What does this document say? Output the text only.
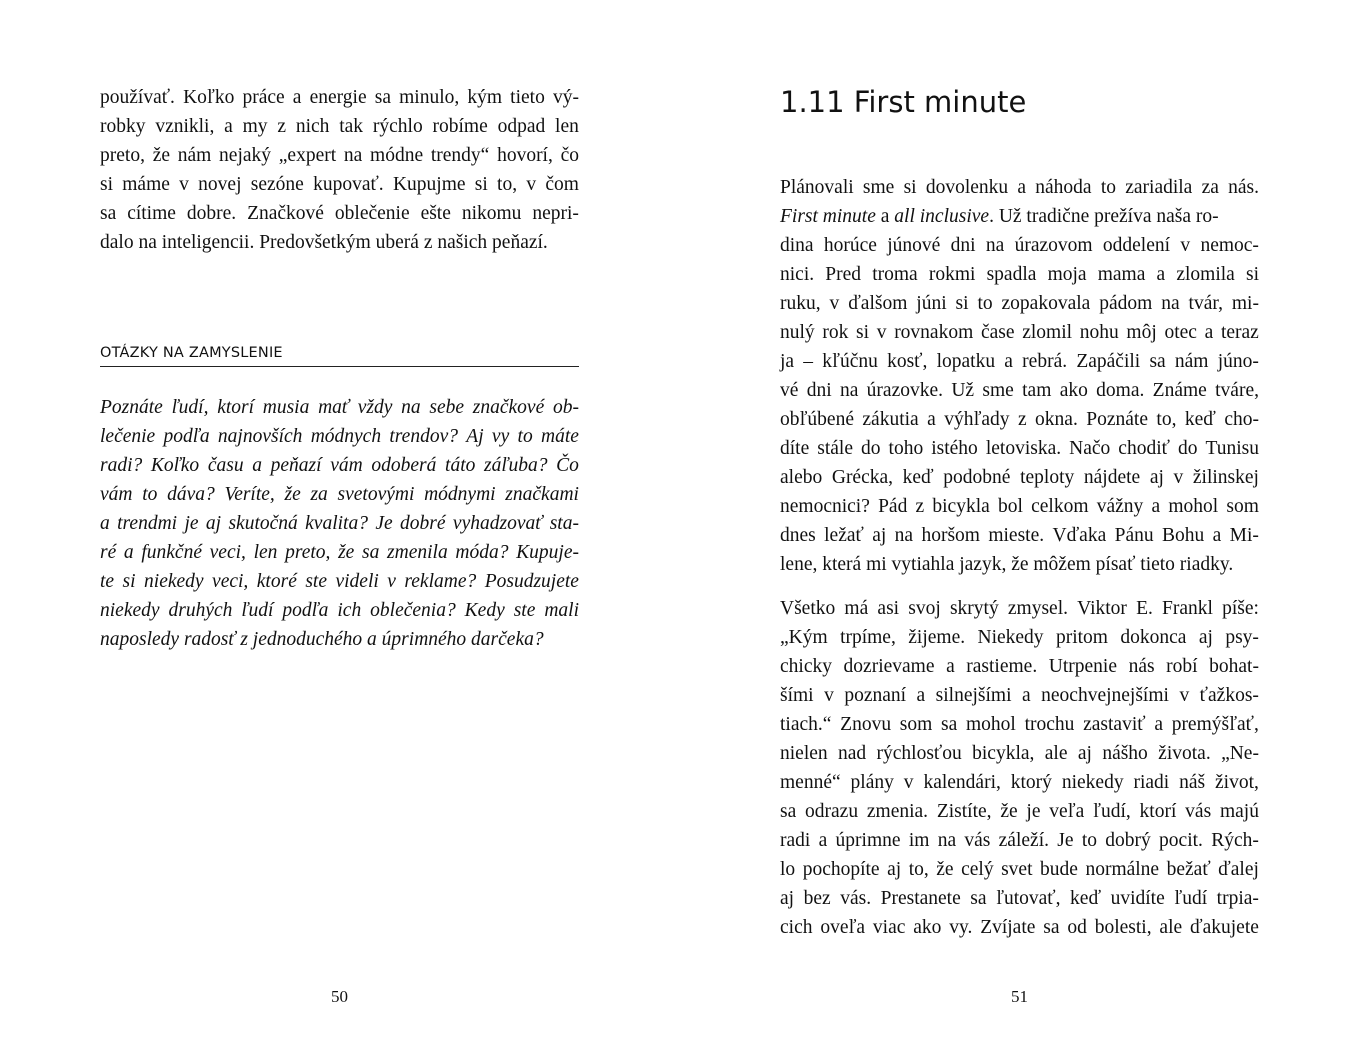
používať. Koľko práce a energie sa minulo, kým tieto vý-
robky vznikli, a my z nich tak rýchlo robíme odpad len
preto, že nám nejaký „expert na módne trendy“ hovorí, čo
si máme v novej sezóne kupovať. Kupujme si to, v čom
sa cítime dobre. Značkové oblečenie ešte nikomu nepri-
dalo na inteligencii. Predovšetkým uberá z našich peňazí.
OTÁZKY NA ZAMYSLENIE
Poznáte ľudí, ktorí musia mať vždy na sebe značkové ob-
lečenie podľa najnovších módnych trendov? Aj vy to máte
radi? Koľko času a peňazí vám odoberá táto záľuba? Čo
vám to dáva? Veríte, že za svetovými módnymi značkami
a trendmi je aj skutočná kvalita? Je dobré vyhadzovať sta-
ré a funkčné veci, len preto, že sa zmenila móda? Kupuje-
te si niekedy veci, ktoré ste videli v reklame? Posudzujete
niekedy druhých ľudí podľa ich oblečenia? Kedy ste mali
naposledy radosť z jednoduchého a úprimného darčeka?
50
1.11 First minute
Plánovali sme si dovolenku a náhoda to zariadila za nás.
First minute a all inclusive . Už tradične prežíva naša ro-
dina horúce júnové dni na úrazovom oddelení v nemoc-
nici. Pred troma rokmi spadla moja mama a zlomila si
ruku, v ďalšom júni si to zopakovala pádom na tvár, mi-
nulý rok si v rovnakom čase zlomil nohu môj otec a teraz
ja – kľúčnu kosť, lopatku a rebrá. Zapáčili sa nám júno-
vé dni na úrazovke. Už sme tam ako doma. Známe tváre,
obľúbené zákutia a výhľady z okna. Poznáte to, keď cho-
díte stále do toho istého letoviska. Načo chodiť do Tunisu
alebo Grécka, keď podobné teploty nájdete aj v žilinskej
nemocnici? Pád z bicykla bol celkom vážny a mohol som
dnes ležať aj na horšom mieste. Vďaka Pánu Bohu a Mi-
lene, která mi vytiahla jazyk, že môžem písať tieto riadky.
Všetko má asi svoj skrytý zmysel. Viktor E. Frankl píše:
„Kým trpíme, žijeme. Niekedy pritom dokonca aj psy-
chicky dozrievame a rastieme. Utrpenie nás robí bohat-
šími v poznaní a silnejšími a neochvejnejšími v ťažkos-
tiach.“ Znovu som sa mohol trochu zastaviť a premýšľať,
nielen nad rýchlosťou bicykla, ale aj nášho života. „Ne-
menné“ plány v kalendári, ktorý niekedy riadi náš život,
sa odrazu zmenia. Zistíte, že je veľa ľudí, ktorí vás majú
radi a úprimne im na vás záleží. Je to dobrý pocit. Rých-
lo pochopíte aj to, že celý svet bude normálne bežať ďalej
aj bez vás. Prestanete sa ľutovať, keď uvidíte ľudí trpia-
cich oveľa viac ako vy. Zvíjate sa od bolesti, ale ďakujete
51
